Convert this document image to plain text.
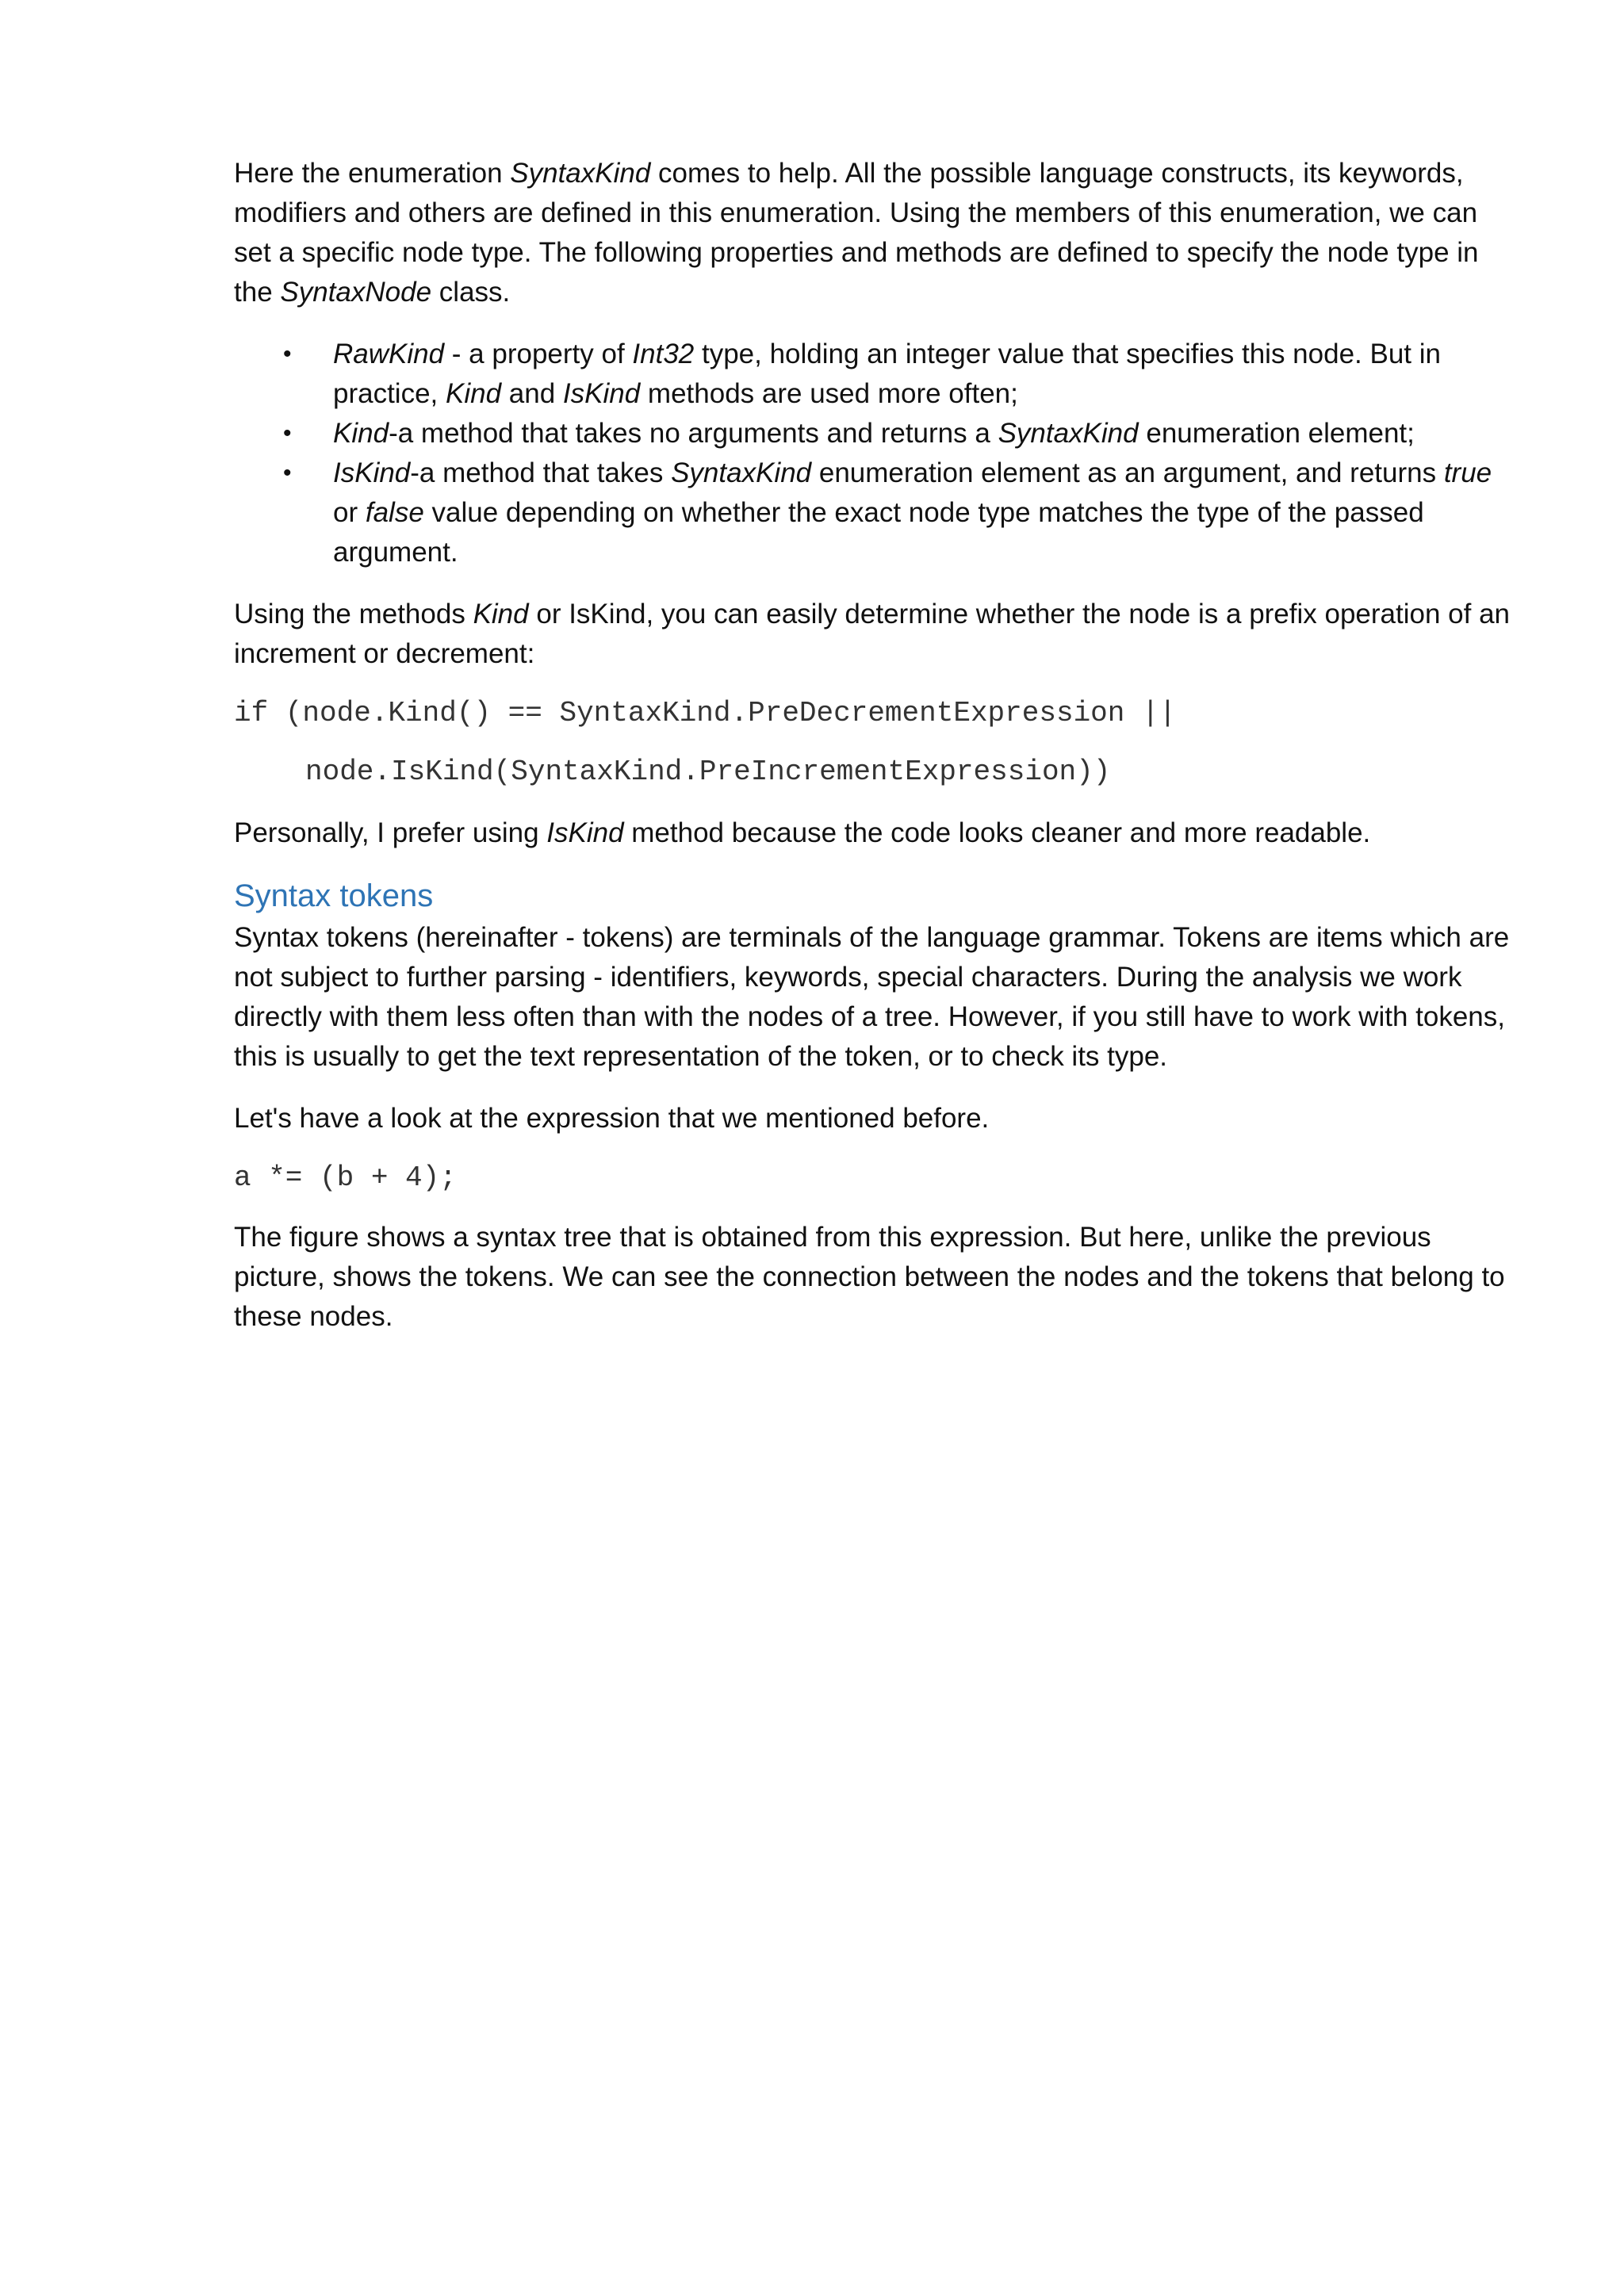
Here the enumeration SyntaxKind comes to help. All the possible language constructs, its keywords, modifiers and others are defined in this enumeration. Using the members of this enumeration, we can set a specific node type. The following properties and methods are defined to specify the node type in the SyntaxNode class.

• RawKind - a property of Int32 type, holding an integer value that specifies this node. But in practice, Kind and IsKind methods are used more often;
• Kind-a method that takes no arguments and returns a SyntaxKind enumeration element;
• IsKind-a method that takes SyntaxKind enumeration element as an argument, and returns true or false value depending on whether the exact node type matches the type of the passed argument.

Using the methods Kind or IsKind, you can easily determine whether the node is a prefix operation of an increment or decrement:

if (node.Kind() == SyntaxKind.PreDecrementExpression ||
node.IsKind(SyntaxKind.PreIncrementExpression))

Personally, I prefer using IsKind method because the code looks cleaner and more readable.

Syntax tokens

Syntax tokens (hereinafter - tokens) are terminals of the language grammar. Tokens are items which are not subject to further parsing - identifiers, keywords, special characters. During the analysis we work directly with them less often than with the nodes of a tree. However, if you still have to work with tokens, this is usually to get the text representation of the token, or to check its type.

Let's have a look at the expression that we mentioned before.

a *= (b + 4);

The figure shows a syntax tree that is obtained from this expression. But here, unlike the previous picture, shows the tokens. We can see the connection between the nodes and the tokens that belong to these nodes.
